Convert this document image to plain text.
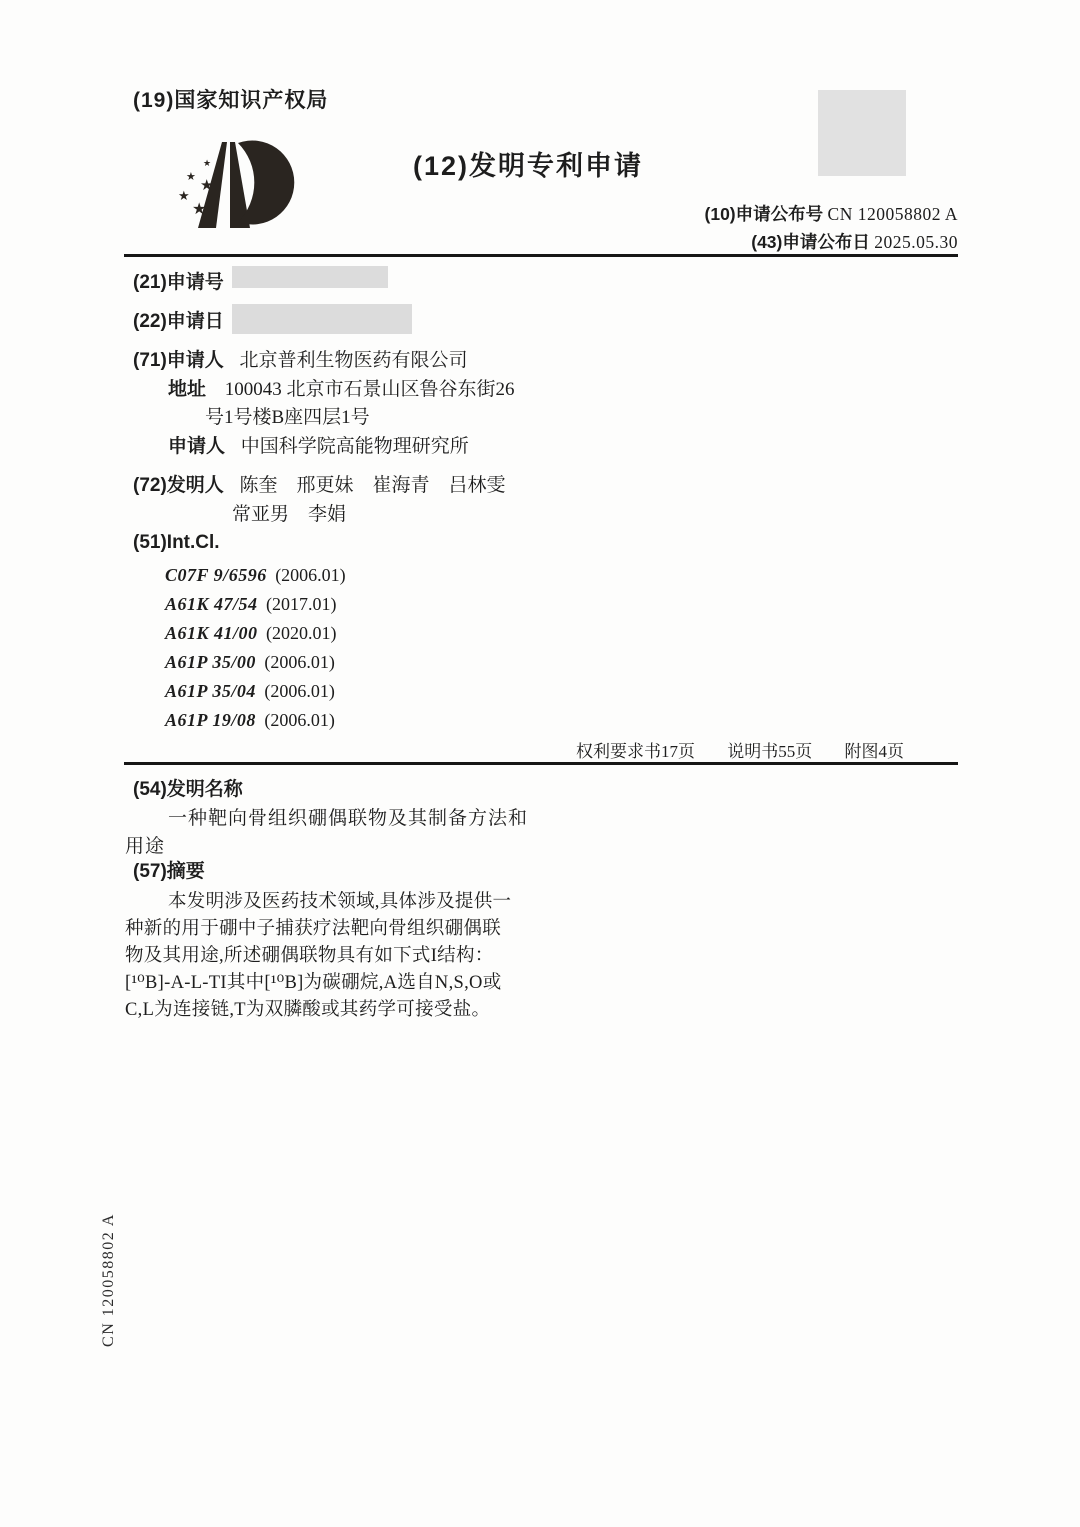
(19)国家知识产权局
★
★
★
★
★
(12)发明专利申请
(10)申请公布号 CN 120058802 A
(43)申请公布日 2025.05.30
(21)申请号
(22)申请日
(71)申请人 北京普利生物医药有限公司
地址 100043 北京市石景山区鲁谷东街26
号1号楼B座四层1号
申请人 中国科学院高能物理研究所
(72)发明人 陈奎　邢更妹　崔海青　吕林雯
常亚男　李娟
(51)Int.Cl.
C07F 9/6596 (2006.01)
A61K 47/54 (2017.01)
A61K 41/00 (2020.01)
A61P 35/00 (2006.01)
A61P 35/04 (2006.01)
A61P 19/08 (2006.01)
权利要求书17页 说明书55页 附图4页
(54)发明名称
一种靶向骨组织硼偶联物及其制备方法和
用途
(57)摘要
本发明涉及医药技术领域,具体涉及提供一
种新的用于硼中子捕获疗法靶向骨组织硼偶联
物及其用途,所述硼偶联物具有如下式I结构：
[¹⁰B]-A-L-TI其中[¹⁰B]为碳硼烷,A选自N,S,O或
C,L为连接链,T为双膦酸或其药学可接受盐。
CN 120058802 A
